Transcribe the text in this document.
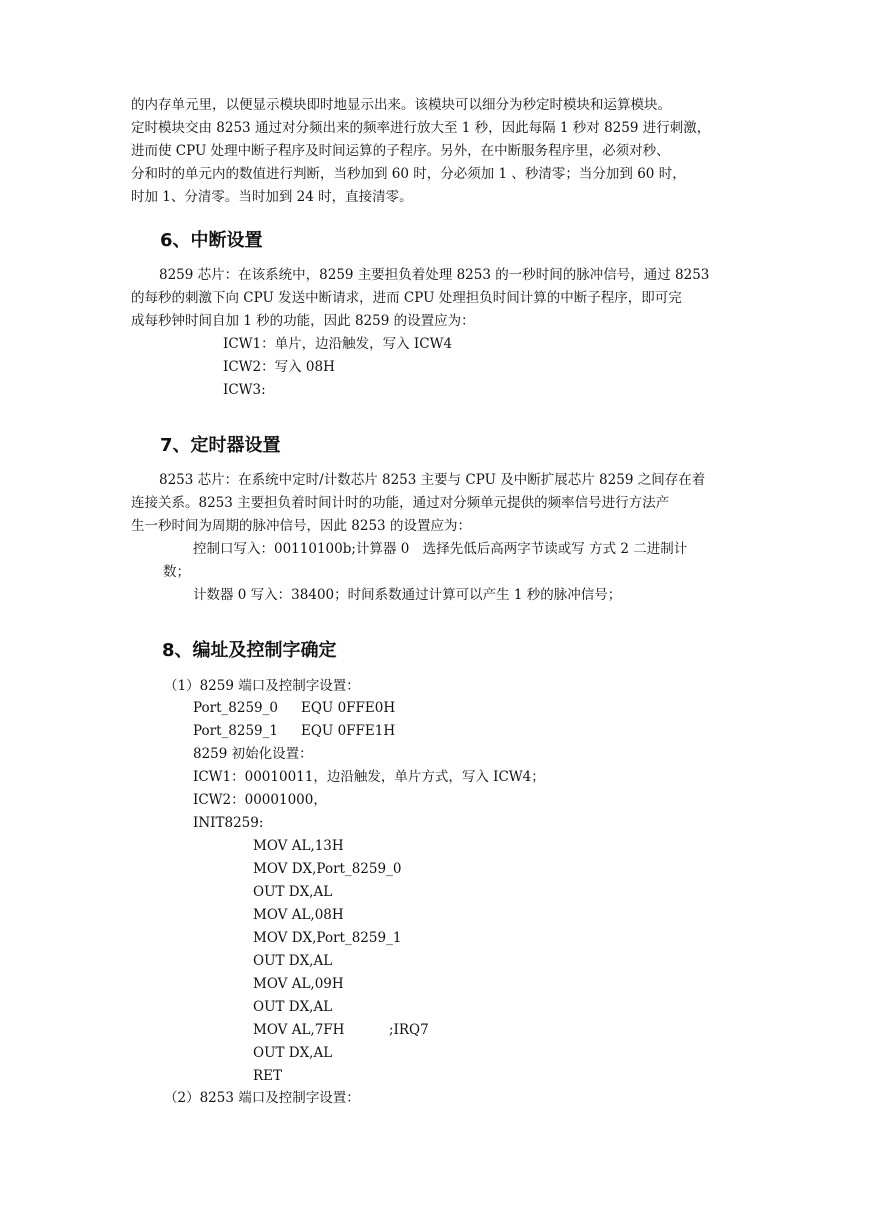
的内存单元里，以便显示模块即时地显示出来。该模块可以细分为秒定时模块和运算模块。
定时模块交由 8253 通过对分频出来的频率进行放大至 1 秒，因此每隔 1 秒对 8259 进行刺激，
进而使 CPU 处理中断子程序及时间运算的子程序。另外，在中断服务程序里，必须对秒、
分和时的单元内的数值进行判断，当秒加到 60 时，分必须加 1 、秒清零；当分加到 60 时，
时加 1、分清零。当时加到 24 时，直接清零。
6、中断设置
8259 芯片：在该系统中，8259 主要担负着处理 8253 的一秒时间的脉冲信号，通过 8253
的每秒的刺激下向 CPU 发送中断请求，进而 CPU 处理担负时间计算的中断子程序，即可完
成每秒钟时间自加 1 秒的功能，因此 8259 的设置应为：
ICW1：单片，边沿触发，写入 ICW4
ICW2：写入 08H
ICW3:
7、定时器设置
8253 芯片：在系统中定时/计数芯片 8253 主要与 CPU 及中断扩展芯片 8259 之间存在着
连接关系。8253 主要担负着时间计时的功能，通过对分频单元提供的频率信号进行方法产
生一秒时间为周期的脉冲信号，因此 8253 的设置应为：
控制口写入：00110100b;计算器 0　选择先低后高两字节读或写 方式 2 二进制计
数；
计数器 0 写入：38400；时间系数通过计算可以产生 1 秒的脉冲信号；
8、编址及控制字确定
（1）8259 端口及控制字设置：
Port_8259_0 EQU 0FFE0H
Port_8259_1 EQU 0FFE1H
8259 初始化设置：
ICW1：00010011，边沿触发，单片方式，写入 ICW4；
ICW2：00001000，
INIT8259:
MOV AL,13H
MOV DX,Port_8259_0
OUT DX,AL
MOV AL,08H
MOV DX,Port_8259_1
OUT DX,AL
MOV AL,09H
OUT DX,AL
MOV AL,7FH	;IRQ7
OUT DX,AL
RET
（2）8253 端口及控制字设置：
